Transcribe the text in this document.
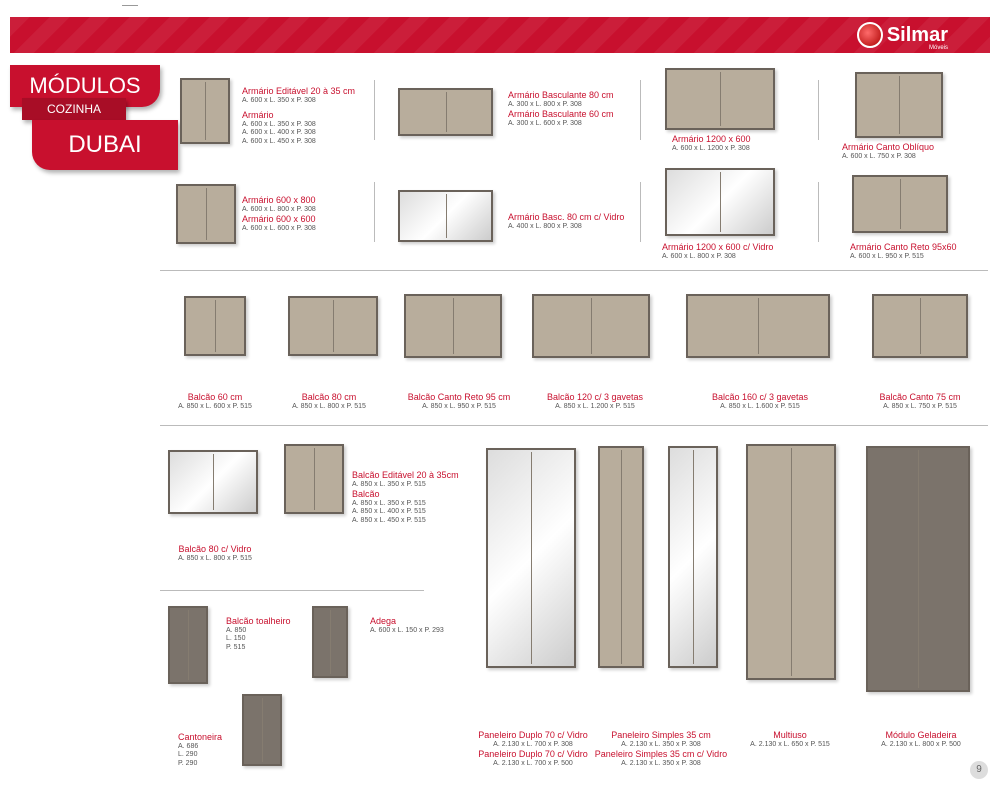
Silmar
Móveis
MÓDULOS
COZINHA
DUBAI
Armário Editável 20 à 35 cm
A. 600 x L. 350 x P. 308
Armário
A. 600 x L. 350 x P. 308
A. 600 x L. 400 x P. 308
A. 600 x L. 450 x P. 308
Armário Basculante 80 cm
A. 300 x L. 800 x P. 308
Armário Basculante 60 cm
A. 300 x L. 600 x P. 308
Armário 1200 x 600
A. 600 x L. 1200 x P. 308	Armário Canto Oblíquo
A. 600 x L. 750 x P. 308
Armário 600 x 800
A. 600 x L. 800 x P. 308
Armário 600 x 600
A. 600 x L. 600 x P. 308
Armário Basc. 80 cm c/ Vidro
A. 400 x L. 800 x P. 308
Armário 1200 x 600 c/ Vidro
A. 600 x L. 800 x P. 308
Armário Canto Reto 95x60
A. 600 x L. 950 x P. 515
Balcão 60 cm
A. 850 x L. 600 x P. 515
Balcão 80 cm
A. 850 x L. 800 x P. 515
Balcão Canto Reto 95 cm
A. 850 x L. 950 x P. 515
Balcão 120 c/ 3 gavetas
A. 850 x L. 1.200 x P. 515
Balcão 160 c/ 3 gavetas
A. 850 x L. 1.600 x P. 515
Balcão Canto 75 cm
A. 850 x L. 750 x P. 515
Balcão 80 c/ Vidro
A. 850 x L. 800 x P. 515
Balcão Editável 20 à 35cm
A. 850 x L. 350 x P. 515
Balcão
A. 850 x L. 350 x P. 515
A. 850 x L. 400 x P. 515
A. 850 x L. 450 x P. 515
Balcão toalheiro
A. 850
L. 150
P. 515
Adega
A. 600 x L. 150 x P. 293
Cantoneira
A. 686
L. 290
P. 290
Paneleiro Duplo 70 c/ Vidro
A. 2.130 x L. 700 x P. 308
Paneleiro Duplo 70 c/ Vidro
A. 2.130 x L. 700 x P. 500
Paneleiro Simples 35 cm
A. 2.130 x L. 350 x P. 308
Paneleiro Simples 35 cm c/ Vidro
A. 2.130 x L. 350 x P. 308
Multiuso
A. 2.130 x L. 650 x P. 515
Módulo Geladeira
A. 2.130 x L. 800 x P. 500
9
